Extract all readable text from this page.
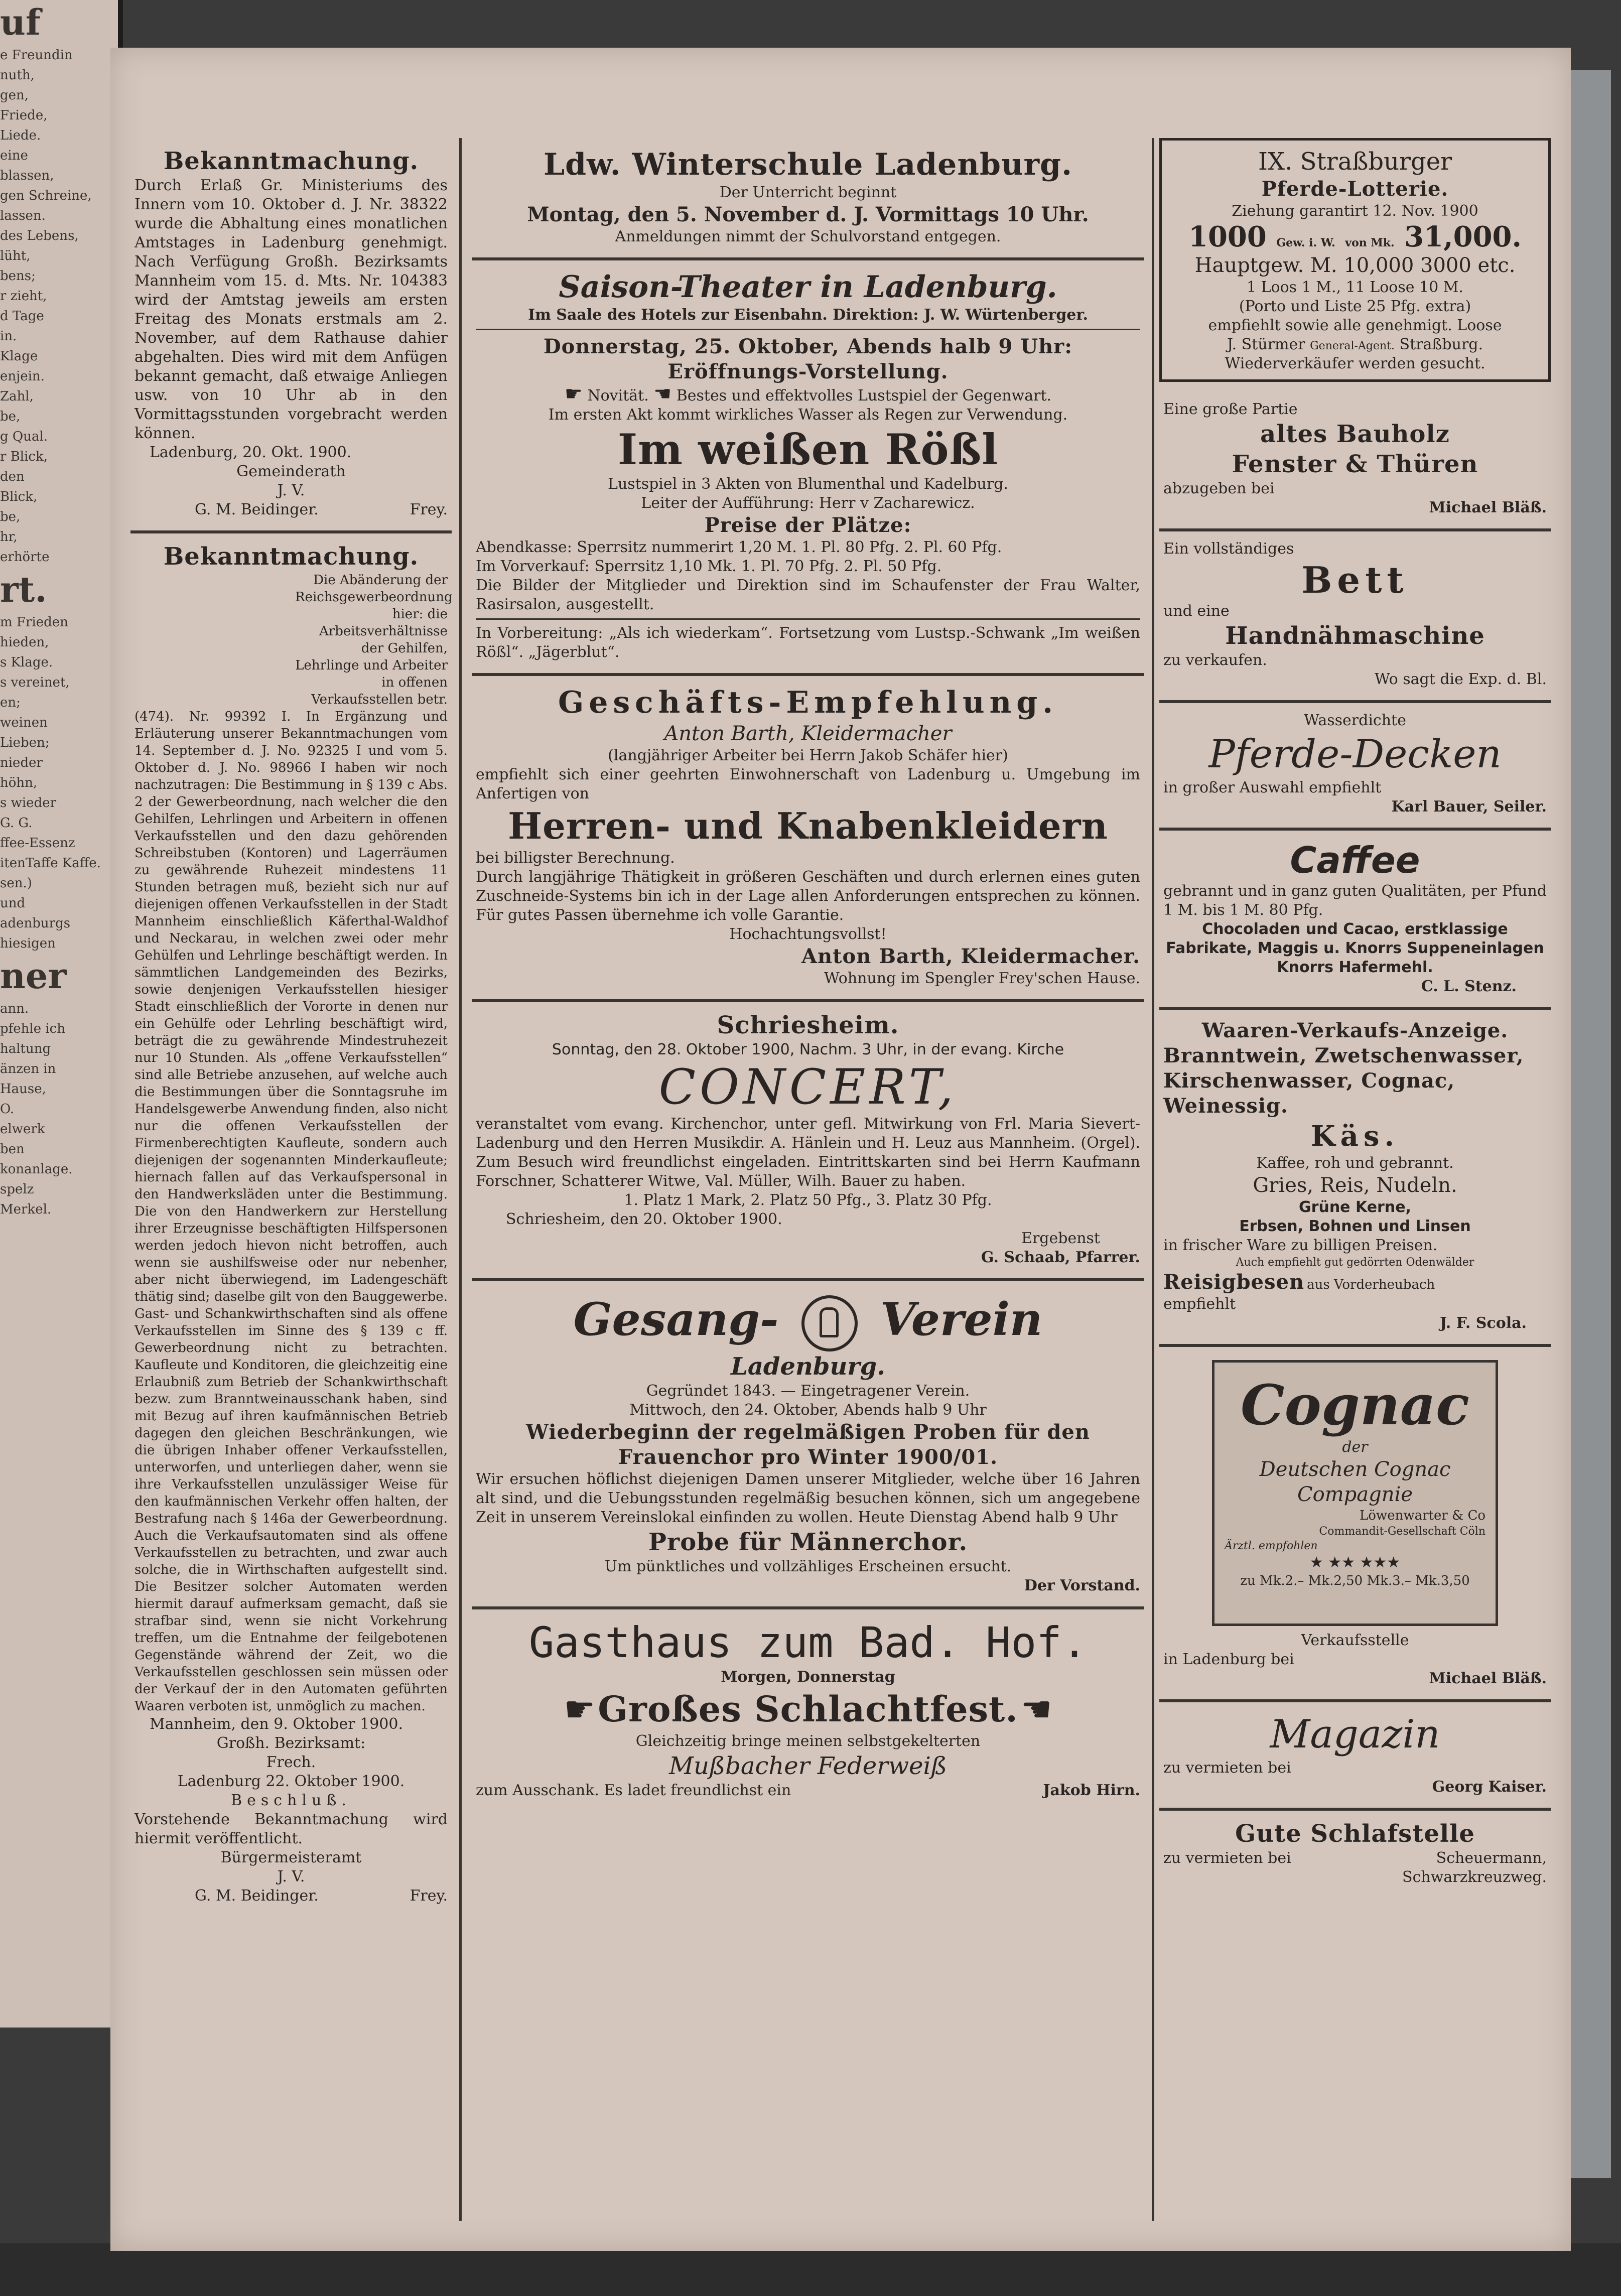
uf
e Freundin
nuth,
gen,
Friede,
Liede.
eine
blassen,
gen Schreine,
lassen.
des Lebens,
lüht,
bens;
r zieht,
d Tage
in.
Klage
enjein.
Zahl,
be,
g Qual.
r Blick,
den
Blick,
be,
hr,
erhörte
rt.
m Frieden
hieden,
s Klage.
s vereinet,
en;
weinen
Lieben;
nieder
höhn,
s wieder
G. G.
ffee-Essenz
itenTaffe Kaffe.
sen.)
und
adenburgs
hiesigen
ner
ann.
pfehle ich
haltung
änzen in
Hause,
O.
elwerk
ben
konanlage.
spelz
Merkel.
Bekanntmachung.
Durch Erlaß Gr. Ministeriums des Innern vom 10. Oktober d. J. Nr. 38322 wurde die Abhaltung eines monatlichen Amtstages in Ladenburg genehmigt. Nach Verfügung Großh. Bezirksamts Mannheim vom 15. d. Mts. Nr. 104383 wird der Amtstag jeweils am ersten Freitag des Monats erstmals am 2. November, auf dem Rathause dahier abgehalten. Dies wird mit dem Anfügen bekannt gemacht, daß etwaige Anliegen usw. von 10 Uhr ab in den Vormittagsstunden vorgebracht werden können.
Ladenburg, 20. Okt. 1900.
Gemeinderath
J. V.
G. M. Beidinger.	Frey.
Bekanntmachung.
Die Abänderung der Reichsgewerbeordnung hier: die Arbeitsverhältnisse der Gehilfen, Lehrlinge und Arbeiter in offenen Verkaufsstellen betr.
(474). Nr. 99392 I. In Ergänzung und Erläuterung unserer Bekanntmachungen vom 14. September d. J. No. 92325 I und vom 5. Oktober d. J. No. 98966 I haben wir noch nachzutragen: Die Bestimmung in § 139 c Abs. 2 der Gewerbeordnung, nach welcher die den Gehilfen, Lehrlingen und Arbeitern in offenen Verkaufsstellen und den dazu gehörenden Schreibstuben (Kontoren) und Lagerräumen zu gewährende Ruhezeit mindestens 11 Stunden betragen muß, bezieht sich nur auf diejenigen offenen Verkaufsstellen in der Stadt Mannheim einschließlich Käferthal-Waldhof und Neckarau, in welchen zwei oder mehr Gehülfen und Lehrlinge beschäftigt werden. In sämmtlichen Landgemeinden des Bezirks, sowie denjenigen Verkaufsstellen hiesiger Stadt einschließlich der Vororte in denen nur ein Gehülfe oder Lehrling beschäftigt wird, beträgt die zu gewährende Mindestruhezeit nur 10 Stunden. Als „offene Verkaufsstellen“ sind alle Betriebe anzusehen, auf welche auch die Bestimmungen über die Sonntagsruhe im Handelsgewerbe Anwendung finden, also nicht nur die offenen Verkaufsstellen der Firmenberechtigten Kaufleute, sondern auch diejenigen der sogenannten Minderkaufleute; hiernach fallen auf das Verkaufspersonal in den Handwerksläden unter die Bestimmung. Die von den Handwerkern zur Herstellung ihrer Erzeugnisse beschäftigten Hilfspersonen werden jedoch hievon nicht betroffen, auch wenn sie aushilfsweise oder nur nebenher, aber nicht überwiegend, im Ladengeschäft thätig sind; daselbe gilt von den Bauggewerbe. Gast- und Schankwirthschaften sind als offene Verkaufsstellen im Sinne des § 139 c ff. Gewerbeordnung nicht zu betrachten. Kaufleute und Konditoren, die gleichzeitig eine Erlaubniß zum Betrieb der Schankwirthschaft bezw. zum Branntweinausschank haben, sind mit Bezug auf ihren kaufmännischen Betrieb dagegen den gleichen Beschränkungen, wie die übrigen Inhaber offener Verkaufsstellen, unterworfen, und unterliegen daher, wenn sie ihre Verkaufsstellen unzulässiger Weise für den kaufmännischen Verkehr offen halten, der Bestrafung nach § 146a der Gewerbeordnung. Auch die Verkaufsautomaten sind als offene Verkaufsstellen zu betrachten, und zwar auch solche, die in Wirthschaften aufgestellt sind. Die Besitzer solcher Automaten werden hiermit darauf aufmerksam gemacht, daß sie strafbar sind, wenn sie nicht Vorkehrung treffen, um die Entnahme der feilgebotenen Gegenstände während der Zeit, wo die Verkaufsstellen geschlossen sein müssen oder der Verkauf der in den Automaten geführten Waaren verboten ist, unmöglich zu machen.
Mannheim, den 9. Oktober 1900.
Großh. Bezirksamt:
Frech.
Ladenburg 22. Oktober 1900.
Beschluß.
Vorstehende Bekanntmachung wird hiermit veröffentlicht.
Bürgermeisteramt
J. V.
G. M. Beidinger.	Frey.
Ldw. Winterschule Ladenburg.
Der Unterricht beginnt
Montag, den 5. November d. J. Vormittags 10 Uhr.
Anmeldungen nimmt der Schulvorstand entgegen.
Saison-Theater in Ladenburg.
Im Saale des Hotels zur Eisenbahn. Direktion: J. W. Würtenberger.
Donnerstag, 25. Oktober, Abends halb 9 Uhr:
Eröffnungs-Vorstellung.
☛ Novität. ☚ Bestes und effektvolles Lustspiel der Gegenwart.
Im ersten Akt kommt wirkliches Wasser als Regen zur Verwendung.
Im weißen Rößl
Lustspiel in 3 Akten von Blumenthal und Kadelburg.
Leiter der Aufführung: Herr v Zacharewicz.
Preise der Plätze:
Abendkasse: Sperrsitz nummerirt 1,20 M. 1. Pl. 80 Pfg. 2. Pl. 60 Pfg.
Im Vorverkauf: Sperrsitz 1,10 Mk. 1. Pl. 70 Pfg. 2. Pl. 50 Pfg.
Die Bilder der Mitglieder und Direktion sind im Schaufenster der Frau Walter, Rasirsalon, ausgestellt.
In Vorbereitung: „Als ich wiederkam“. Fortsetzung vom Lustsp.-Schwank „Im weißen Rößl“. „Jägerblut“.
Geschäfts-Empfehlung.
Anton Barth, Kleidermacher
(langjähriger Arbeiter bei Herrn Jakob Schäfer hier)
empfiehlt sich einer geehrten Einwohnerschaft von Ladenburg u. Umgebung im Anfertigen von
Herren- und Knabenkleidern
bei billigster Berechnung.
Durch langjährige Thätigkeit in größeren Geschäften und durch erlernen eines guten Zuschneide-Systems bin ich in der Lage allen Anforderungen entsprechen zu können. Für gutes Passen übernehme ich volle Garantie.
Hochachtungsvollst!
Anton Barth, Kleidermacher.
Wohnung im Spengler Frey'schen Hause.
Schriesheim.
Sonntag, den 28. Oktober 1900, Nachm. 3 Uhr, in der evang. Kirche
CONCERT,
veranstaltet vom evang. Kirchenchor, unter gefl. Mitwirkung von Frl. Maria Sievert-Ladenburg und den Herren Musikdir. A. Hänlein und H. Leuz aus Mannheim. (Orgel). Zum Besuch wird freundlichst eingeladen. Eintrittskarten sind bei Herrn Kaufmann Forschner, Schatterer Witwe, Val. Müller, Wilh. Bauer zu haben.
1. Platz 1 Mark, 2. Platz 50 Pfg., 3. Platz 30 Pfg.
Schriesheim, den 20. Oktober 1900.
Ergebenst
G. Schaab, Pfarrer.
Gesang- Verein
Ladenburg.
Gegründet 1843. — Eingetragener Verein.
Mittwoch, den 24. Oktober, Abends halb 9 Uhr
Wiederbeginn der regelmäßigen Proben für den Frauenchor pro Winter 1900/01.
Wir ersuchen höflichst diejenigen Damen unserer Mitglieder, welche über 16 Jahren alt sind, und die Uebungsstunden regelmäßig besuchen können, sich um angegebene Zeit in unserem Vereinslokal einfinden zu wollen. Heute Dienstag Abend halb 9 Uhr
Probe für Männerchor.
Um pünktliches und vollzähliges Erscheinen ersucht.
Der Vorstand.
Gasthaus zum Bad. Hof.
Morgen, Donnerstag
☛ Großes Schlachtfest. ☚
Gleichzeitig bringe meinen selbstgekelterten
Mußbacher Federweiß
zum Ausschank. Es ladet freundlichst ein	Jakob Hirn.
IX. Straßburger
Pferde-Lotterie.
Ziehung garantirt 12. Nov. 1900
1000 Gew. i. W. von Mk. 31,000.
Hauptgew. M. 10,000 3000 etc.
1 Loos 1 M., 11 Loose 10 M.
(Porto und Liste 25 Pfg. extra)
empfiehlt sowie alle genehmigt. Loose
J. Stürmer General-Agent. Straßburg.
Wiederverkäufer werden gesucht.
Eine große Partie
altes Bauholz
Fenster & Thüren
abzugeben bei
Michael Bläß.
Ein vollständiges
Bett
und eine
Handnähmaschine
zu verkaufen.
Wo sagt die Exp. d. Bl.
Wasserdichte
Pferde-Decken
in großer Auswahl empfiehlt
Karl Bauer, Seiler.
Caffee
gebrannt und in ganz guten Qualitäten, per Pfund 1 M. bis 1 M. 80 Pfg.
Chocoladen und Cacao, erstklassige Fabrikate, Maggis u. Knorrs Suppeneinlagen Knorrs Hafermehl.
C. L. Stenz.
Waaren-Verkaufs-Anzeige.
Branntwein, Zwetschenwasser, Kirschenwasser, Cognac, Weinessig.
Käs.
Kaffee, roh und gebrannt.
Gries, Reis, Nudeln.
Grüne Kerne,
Erbsen, Bohnen und Linsen
in frischer Ware zu billigen Preisen.
Auch empfiehlt gut gedörrten Odenwälder
Reisigbesen aus Vorderheubach
empfiehlt
J. F. Scola.
Cognac
der
Deutschen Cognac Compagnie
Löwenwarter & Co
Commandit-Gesellschaft Cöln
Ärztl. empfohlen
★ ★★ ★★★
zu Mk.2.– Mk.2,50 Mk.3.– Mk.3,50
Verkaufsstelle
in Ladenburg bei
Michael Bläß.
Magazin
zu vermieten bei
Georg Kaiser.
Gute Schlafstelle
zu vermieten bei	Scheuermann, Schwarzkreuzweg.
